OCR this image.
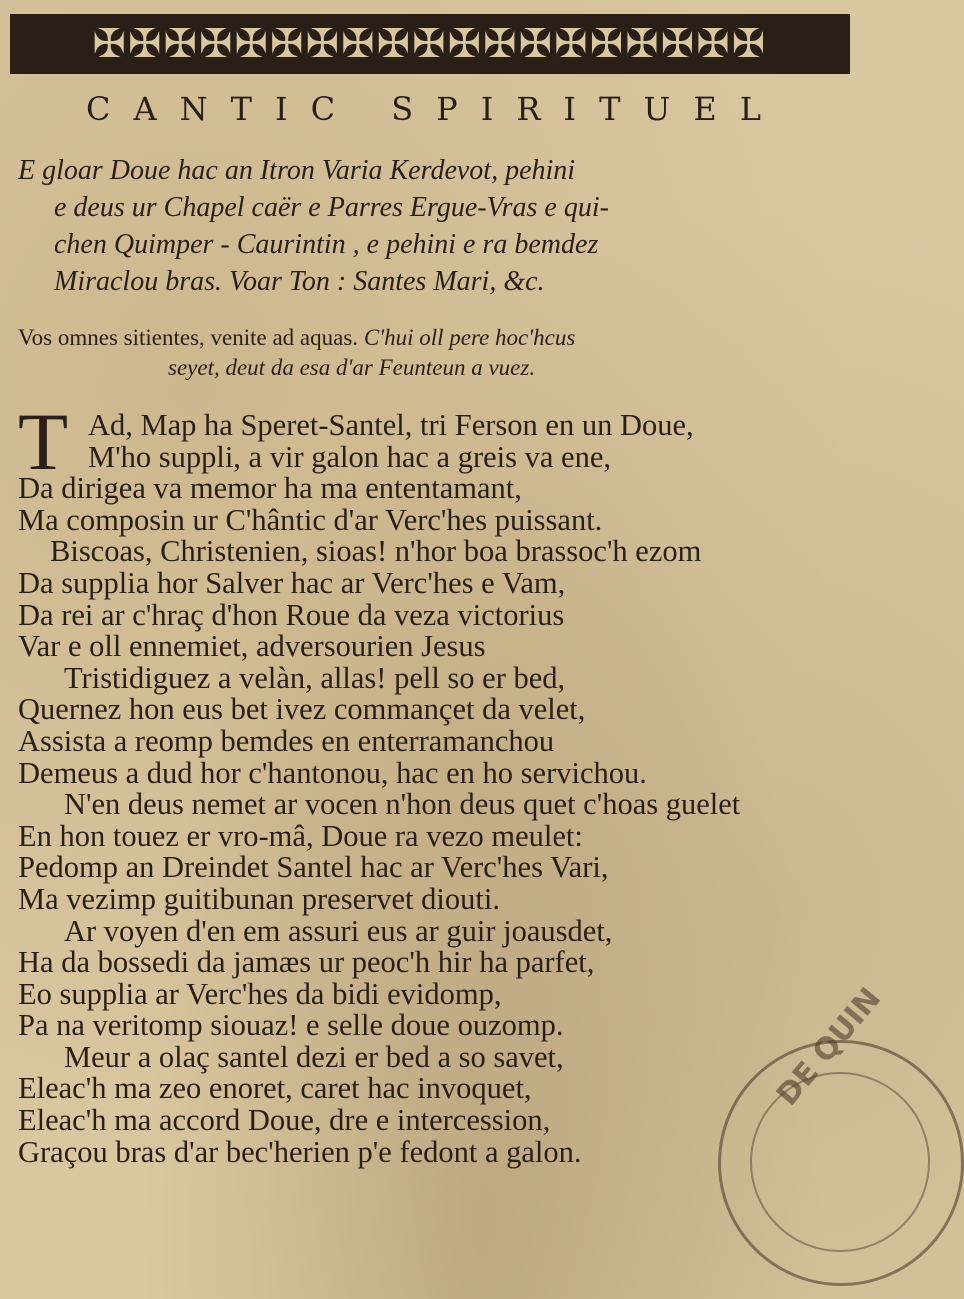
✠✠✠✠✠✠✠✠✠✠✠✠✠✠✠✠✠✠✠
CANTIC SPIRITUEL
E gloar Doue hac an Itron Varia Kerdevot, pehini
e deus ur Chapel caër e Parres Ergue-Vras e qui-
chen Quimper - Caurintin , e pehini e ra bemdez
Miraclou bras. Voar Ton : Santes Mari, &c.
Vos omnes sitientes, venite ad aquas. C'hui oll pere hoc'hcus
seyet, deut da esa d'ar Feunteun a vuez.
T Ad, Map ha Speret-Santel, tri Ferson en un Doue,
M'ho suppli, a vir galon hac a greis va ene,
Da dirigea va memor ha ma ententamant,
Ma composin ur C'hântic d'ar Verc'hes puissant.
Biscoas, Christenien, sioas! n'hor boa brassoc'h ezom
Da supplia hor Salver hac ar Verc'hes e Vam,
Da rei ar c'hraç d'hon Roue da veza victorius
Var e oll ennemiet, adversourien Jesus
Tristidiguez a velàn, allas! pell so er bed,
Quernez hon eus bet ivez commançet da velet,
Assista a reomp bemdes en enterramanchou
Demeus a dud hor c'hantonou, hac en ho servichou.
N'en deus nemet ar vocen n'hon deus quet c'hoas guelet
En hon touez er vro-mâ, Doue ra vezo meulet:
Pedomp an Dreindet Santel hac ar Verc'hes Vari,
Ma vezimp guitibunan preservet diouti.
Ar voyen d'en em assuri eus ar guir joausdet,
Ha da bossedi da jamæs ur peoc'h hir ha parfet,
Eo supplia ar Verc'hes da bidi evidomp,
Pa na veritomp siouaz! e selle doue ouzomp.
Meur a olaç santel dezi er bed a so savet,
Eleac'h ma zeo enoret, caret hac invoquet,
Eleac'h ma accord Doue, dre e intercession,
Graçou bras d'ar bec'herien p'e fedont a galon.
DE QUIN
